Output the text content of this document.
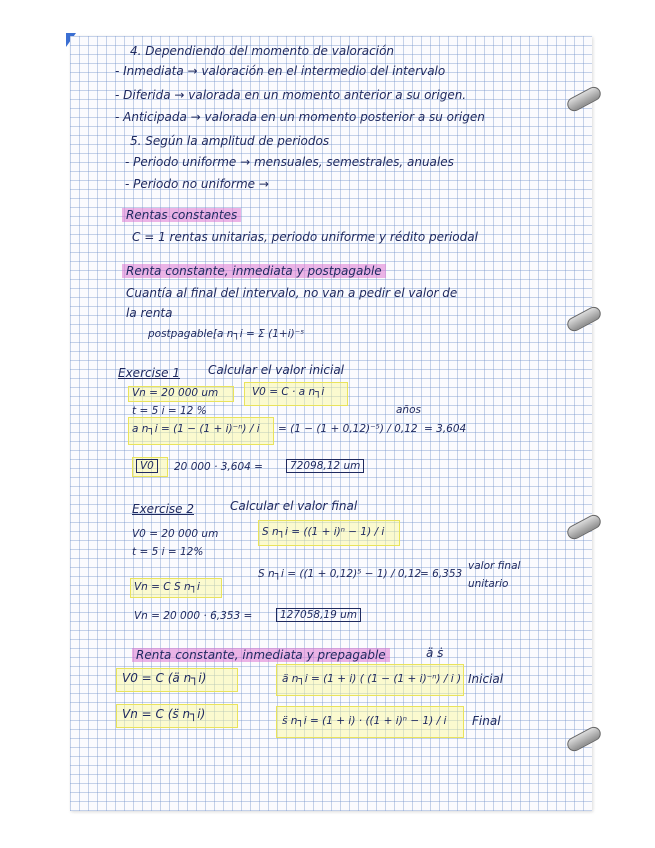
4. Dependiendo del momento de valoración
- Inmediata → valoración en el intermedio del intervalo
- Diferida → valorada en un momento anterior a su origen.
- Anticipada → valorada en un momento posterior a su origen
5. Según la amplitud de periodos
- Periodo uniforme → mensuales, semestrales, anuales
- Periodo no uniforme →
Rentas constantes
C = 1 rentas unitarias, periodo uniforme y rédito periodal
Renta constante, inmediata y postpagable
Cuantía al final del intervalo, no van a pedir el valor de
la renta
postpagable[a n┐i = Σ (1+i)⁻ˢ
Exercise 1 Calcular el valor inicial
Vn = 20 000 um	V0 = C · a n┐i
t = 5 i = 12 %
a n┐i = (1 − (1 + i)⁻ⁿ) / i = (1 − (1 + 0,12)⁻⁵) / 0,12
años
= 3,604
V0	20 000 · 3,604 =	72098,12 um
Exercise 2	Calcular el valor final
V0 = 20 000 um
t = 5 i = 12%
S n┐i = ((1 + i)ⁿ − 1) / i
Vn = C S n┐i
S n┐i = ((1 + 0,12)⁵ − 1) / 0,12
= 6,353
valor final
unitario
Vn = 20 000 · 6,353 =	127058,19 um
Renta constante, inmediata y prepagable	ä ṡ
V0 = C (ä n┐i)
Vn = C (s̈ n┐i)
ä n┐i = (1 + i) ( (1 − (1 + i)⁻ⁿ) / i ) Inicial
s̈ n┐i = (1 + i) · ((1 + i)ⁿ − 1) / i Final
